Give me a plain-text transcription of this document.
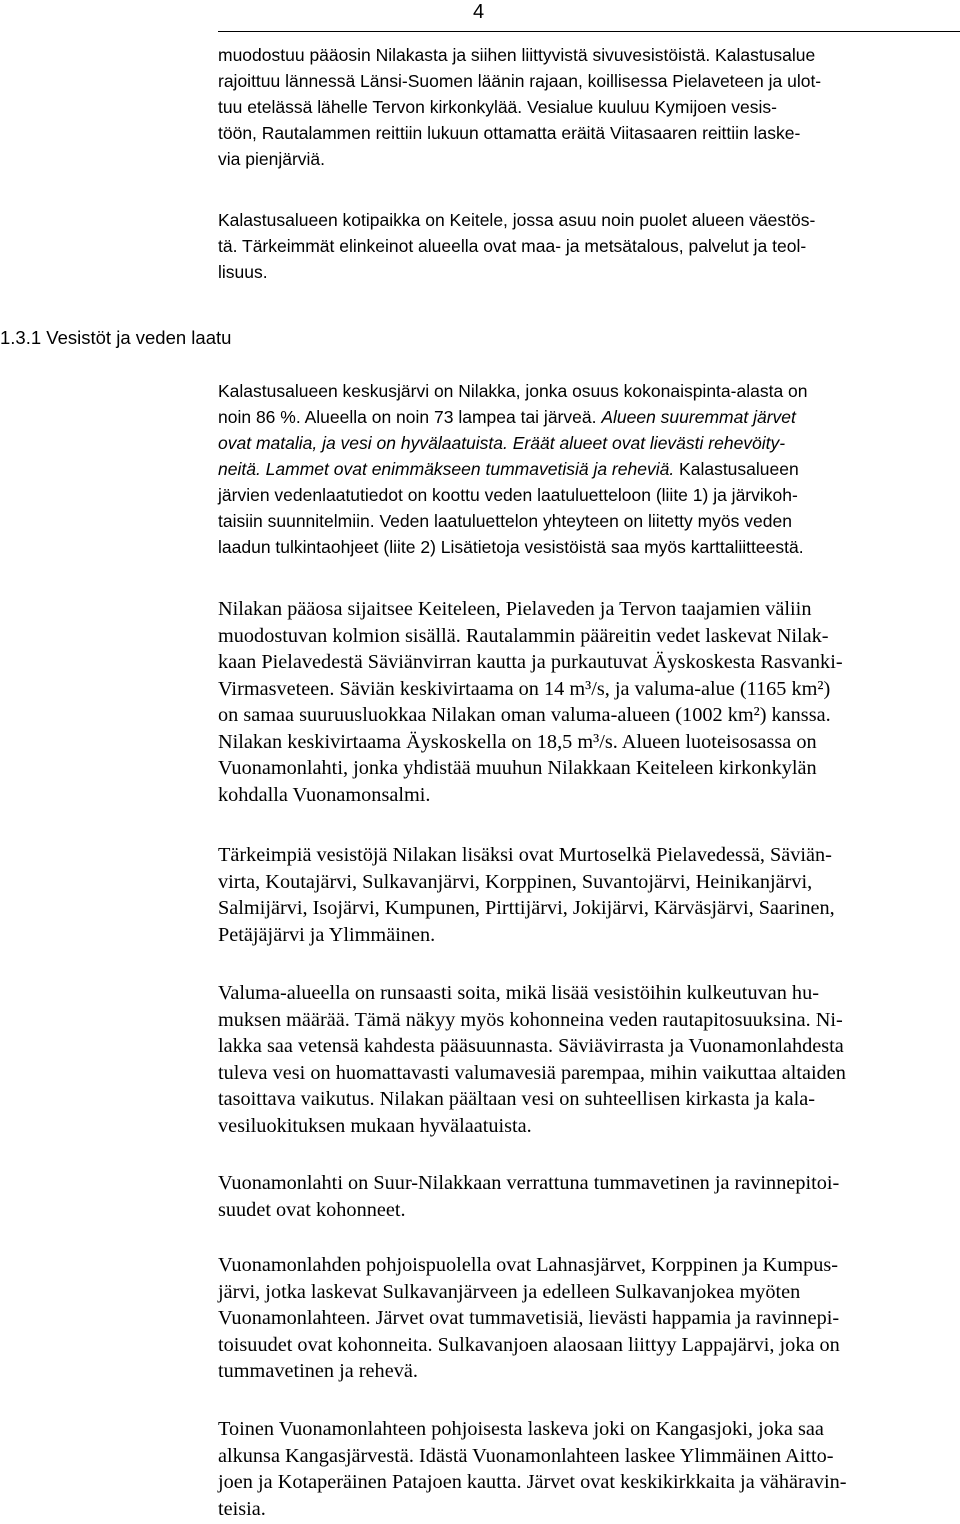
4
1.3.1 Vesistöt ja veden laatu
muodostuu pääosin Nilakasta ja siihen liittyvistä sivuvesistöistä. Kalastusalue
rajoittuu lännessä Länsi-Suomen läänin rajaan, koillisessa Pielaveteen ja ulot-
tuu etelässä lähelle Tervon kirkonkylää. Vesialue kuuluu Kymijoen vesis-
töön, Rautalammen reittiin lukuun ottamatta eräitä Viitasaaren reittiin laske-
via pienjärviä.
Kalastusalueen kotipaikka on Keitele, jossa asuu noin puolet alueen väestös-
tä. Tärkeimmät elinkeinot alueella ovat maa- ja metsätalous, palvelut ja teol-
lisuus.
Kalastusalueen keskusjärvi on Nilakka, jonka osuus kokonaispinta-alasta on
noin 86 %. Alueella on noin 73 lampea tai järveä. Alueen suuremmat järvet
ovat matalia, ja vesi on hyvälaatuista. Eräät alueet ovat lievästi rehevöity-
neitä. Lammet ovat enimmäkseen tummavetisiä ja reheviä. Kalastusalueen
järvien vedenlaatutiedot on koottu veden laatuluetteloon (liite 1) ja järvikoh-
taisiin suunnitelmiin. Veden laatuluettelon yhteyteen on liitetty myös veden
laadun tulkintaohjeet (liite 2) Lisätietoja vesistöistä saa myös karttaliitteestä.
Nilakan pääosa sijaitsee Keiteleen, Pielaveden ja Tervon taajamien väliin
muodostuvan kolmion sisällä. Rautalammin pääreitin vedet laskevat Nilak-
kaan Pielavedestä Säviänvirran kautta ja purkautuvat Äyskoskesta Rasvanki-
Virmasveteen. Säviän keskivirtaama on 14 m³/s, ja valuma-alue (1165 km²)
on samaa suuruusluokkaa Nilakan oman valuma-alueen (1002 km²) kanssa.
Nilakan keskivirtaama Äyskoskella on 18,5 m³/s. Alueen luoteisosassa on
Vuonamonlahti, jonka yhdistää muuhun Nilakkaan Keiteleen kirkonkylän
kohdalla Vuonamonsalmi.
Tärkeimpiä vesistöjä Nilakan lisäksi ovat Murtoselkä Pielavedessä, Säviän-
virta, Koutajärvi, Sulkavanjärvi, Korppinen, Suvantojärvi, Heinikanjärvi,
Salmijärvi, Isojärvi, Kumpunen, Pirttijärvi, Jokijärvi, Kärväsjärvi, Saarinen,
Petäjäjärvi ja Ylimmäinen.
Valuma-alueella on runsaasti soita, mikä lisää vesistöihin kulkeutuvan hu-
muksen määrää. Tämä näkyy myös kohonneina veden rautapitosuuksina. Ni-
lakka saa vetensä kahdesta pääsuunnasta. Säviävirrasta ja Vuonamonlahdesta
tuleva vesi on huomattavasti valumavesiä parempaa, mihin vaikuttaa altaiden
tasoittava vaikutus. Nilakan päältaan vesi on suhteellisen kirkasta ja kala-
vesiluokituksen mukaan hyvälaatuista.
Vuonamonlahti on Suur-Nilakkaan verrattuna tummavetinen ja ravinnepitoi-
suudet ovat kohonneet.
Vuonamonlahden pohjoispuolella ovat Lahnasjärvet, Korppinen ja Kumpus-
järvi, jotka laskevat Sulkavanjärveen ja edelleen Sulkavanjokea myöten
Vuonamonlahteen. Järvet ovat tummavetisiä, lievästi happamia ja ravinnepi-
toisuudet ovat kohonneita. Sulkavanjoen alaosaan liittyy Lappajärvi, joka on
tummavetinen ja rehevä.
Toinen Vuonamonlahteen pohjoisesta laskeva joki on Kangasjoki, joka saa
alkunsa Kangasjärvestä. Idästä Vuonamonlahteen laskee Ylimmäinen Aitto-
joen ja Kotaperäinen Patajoen kautta. Järvet ovat keskikirkkaita ja vähäravin-
teisia.
